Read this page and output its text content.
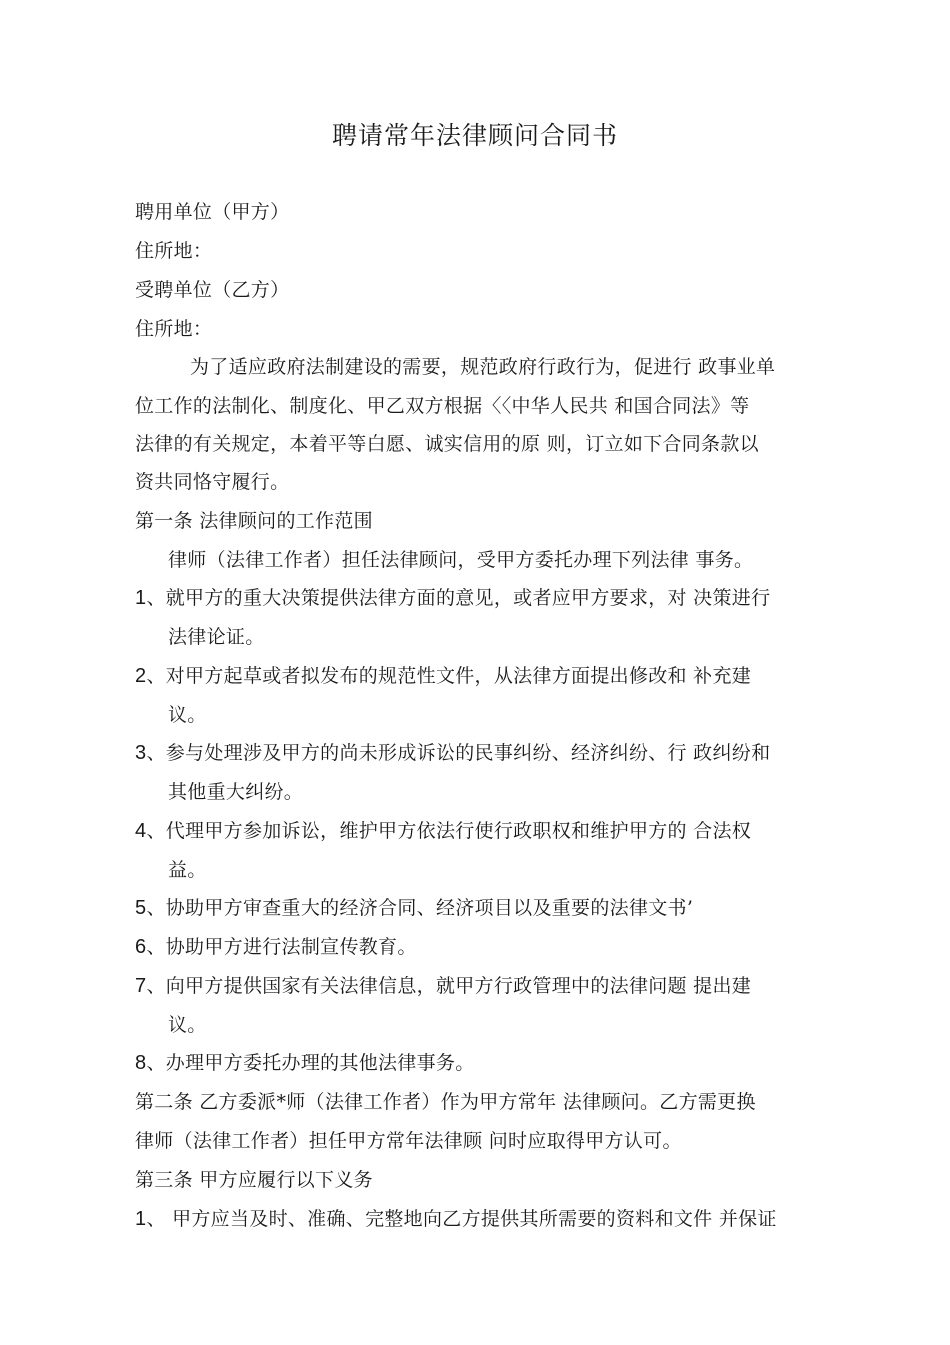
聘请常年法律顾问合同书
聘用单位（甲方）
住所地：
受聘单位（乙方）
住所地：
为了适应政府法制建设的需要，规范政府行政行为，促进行 政事业单
位工作的法制化、制度化、甲乙双方根据〈〈中华人民共 和国合同法》等
法律的有关规定，本着平等白愿、诚实信用的原 则，订立如下合同条款以
资共同恪守履行。
第一条 法律顾问的工作范围
律师（法律工作者）担任法律顾问，受甲方委托办理下列法律 事务。
1、就甲方的重大决策提供法律方面的意见，或者应甲方要求，对 决策进行
法律论证。
2、对甲方起草或者拟发布的规范性文件，从法律方面提出修改和 补充建
议。
3、参与处理涉及甲方的尚未形成诉讼的民事纠纷、经济纠纷、行 政纠纷和
其他重大纠纷。
4、代理甲方参加诉讼，维护甲方依法行使行政职权和维护甲方的 合法权
益。
5、协助甲方审查重大的经济合同、经济项目以及重要的法律文书’
6、协助甲方进行法制宣传教育。
7、向甲方提供国家有关法律信息，就甲方行政管理中的法律问题 提出建
议。
8、办理甲方委托办理的其他法律事务。
第二条 乙方委派*师（法律工作者）作为甲方常年 法律顾问。乙方需更换
律师（法律工作者）担任甲方常年法律顾 问时应取得甲方认可。
第三条 甲方应履行以下义务
1、 甲方应当及时、准确、完整地向乙方提供其所需要的资料和文件 并保证
